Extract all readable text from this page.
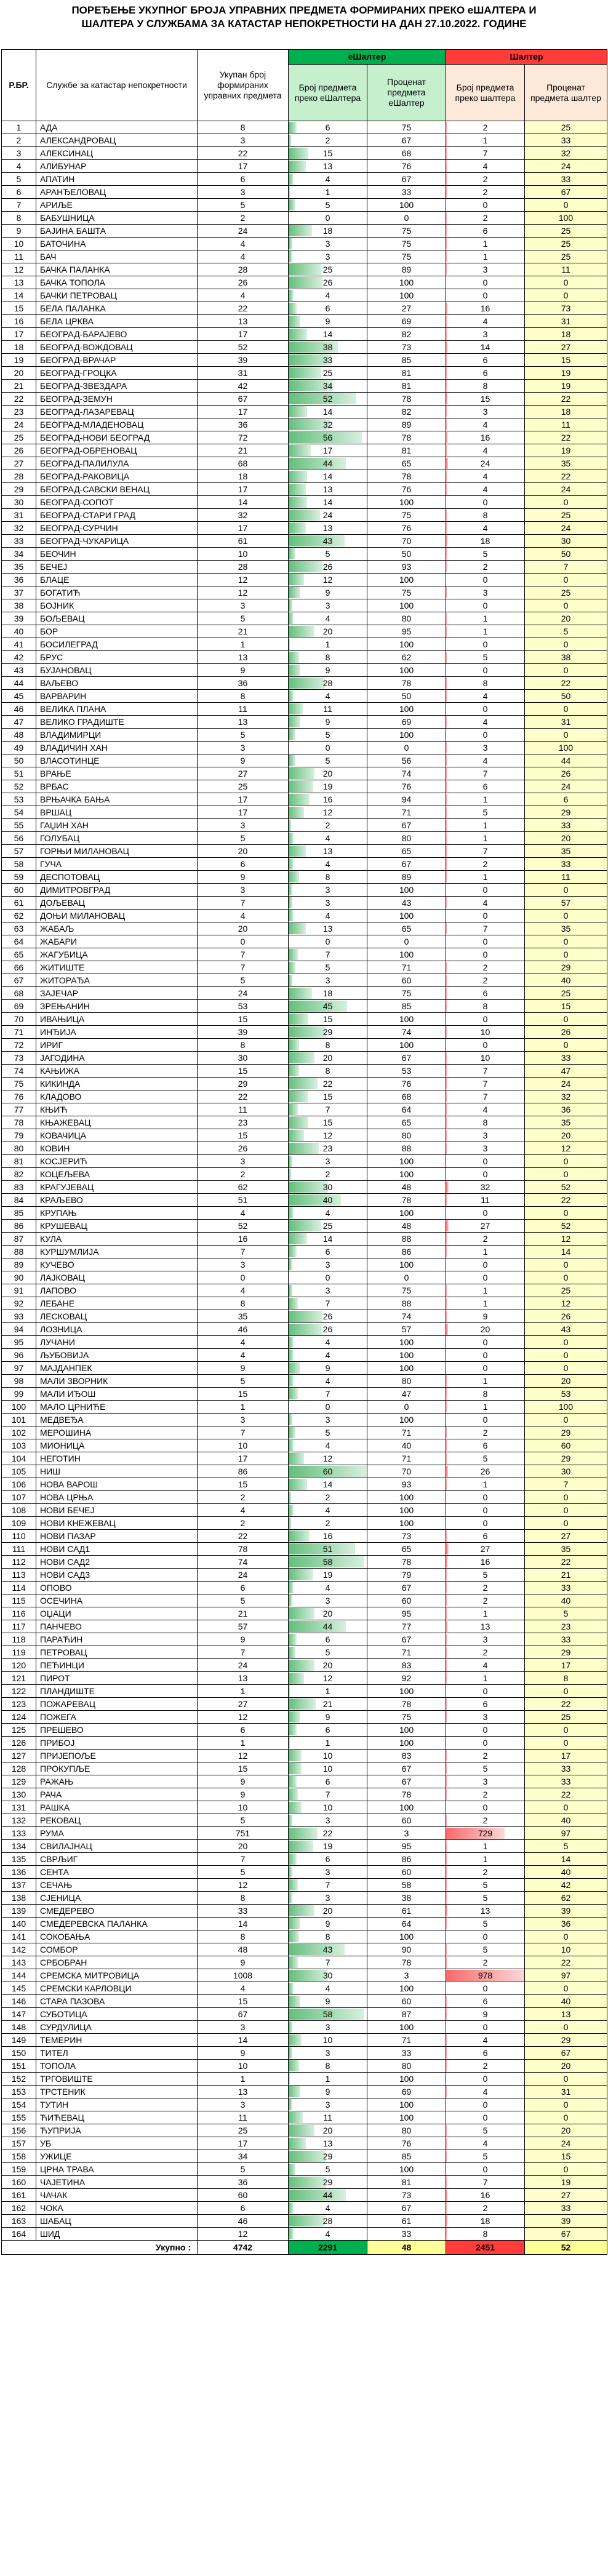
ПОРЕЂЕЊЕ УКУПНОГ БРОЈА УПРАВНИХ ПРЕДМЕТА ФОРМИРАНИХ ПРЕКО еШАЛТЕРА И
ШАЛТЕРА У СЛУЖБАМА ЗА КАТАСТАР НЕПОКРЕТНОСТИ НА ДАН 27.10.2022. ГОДИНЕ
Р.БР.	Службе за катастар непокретности	Укупан број формираних управних предмета	еШалтер		Шалтер	
			Број предмета преко еШалтера	Проценат предмета еШалтер	Број предмета преко шалтера	Проценат предмета шалтер
1	АДА	8	6	75	2	25
2	АЛЕКСАНДРОВАЦ	3	2	67	1	33
3	АЛЕКСИНАЦ	22	15	68	7	32
4	АЛИБУНАР	17	13	76	4	24
5	АПАТИН	6	4	67	2	33
6	АРАНЂЕЛОВАЦ	3	1	33	2	67
7	АРИЉЕ	5	5	100	0	0
8	БАБУШНИЦА	2	0	0	2	100
9	БАЈИНА БАШТА	24	18	75	6	25
10	БАТОЧИНА	4	3	75	1	25
11	БАЧ	4	3	75	1	25
12	БАЧКА ПАЛАНКА	28	25	89	3	11
13	БАЧКА ТОПОЛА	26	26	100	0	0
14	БАЧКИ ПЕТРОВАЦ	4	4	100	0	0
15	БЕЛА ПАЛАНКА	22	6	27	16	73
16	БЕЛА ЦРКВА	13	9	69	4	31
17	БЕОГРАД-БАРАЈЕВО	17	14	82	3	18
18	БЕОГРАД-ВОЖДОВАЦ	52	38	73	14	27
19	БЕОГРАД-ВРАЧАР	39	33	85	6	15
20	БЕОГРАД-ГРОЦКА	31	25	81	6	19
21	БЕОГРАД-ЗВЕЗДАРА	42	34	81	8	19
22	БЕОГРАД-ЗЕМУН	67	52	78	15	22
23	БЕОГРАД-ЛАЗАРЕВАЦ	17	14	82	3	18
24	БЕОГРАД-МЛАДЕНОВАЦ	36	32	89	4	11
25	БЕОГРАД-НОВИ БЕОГРАД	72	56	78	16	22
26	БЕОГРАД-ОБРЕНОВАЦ	21	17	81	4	19
27	БЕОГРАД-ПАЛИЛУЛА	68	44	65	24	35
28	БЕОГРАД-РАКОВИЦА	18	14	78	4	22
29	БЕОГРАД-САВСКИ ВЕНАЦ	17	13	76	4	24
30	БЕОГРАД-СОПОТ	14	14	100	0	0
31	БЕОГРАД-СТАРИ ГРАД	32	24	75	8	25
32	БЕОГРАД-СУРЧИН	17	13	76	4	24
33	БЕОГРАД-ЧУКАРИЦА	61	43	70	18	30
34	БЕОЧИН	10	5	50	5	50
35	БЕЧЕЈ	28	26	93	2	7
36	БЛАЦЕ	12	12	100	0	0
37	БОГАТИЋ	12	9	75	3	25
38	БОЈНИК	3	3	100	0	0
39	БОЉЕВАЦ	5	4	80	1	20
40	БОР	21	20	95	1	5
41	БОСИЛЕГРАД	1	1	100	0	0
42	БРУС	13	8	62	5	38
43	БУЈАНОВАЦ	9	9	100	0	0
44	ВАЉЕВО	36	28	78	8	22
45	ВАРВАРИН	8	4	50	4	50
46	ВЕЛИКА ПЛАНА	11	11	100	0	0
47	ВЕЛИКО ГРАДИШТЕ	13	9	69	4	31
48	ВЛАДИМИРЦИ	5	5	100	0	0
49	ВЛАДИЧИН ХАН	3	0	0	3	100
50	ВЛАСОТИНЦЕ	9	5	56	4	44
51	ВРАЊЕ	27	20	74	7	26
52	ВРБАС	25	19	76	6	24
53	ВРЊАЧКА БАЊА	17	16	94	1	6
54	ВРШАЦ	17	12	71	5	29
55	ГАЏИН ХАН	3	2	67	1	33
56	ГОЛУБАЦ	5	4	80	1	20
57	ГОРЊИ МИЛАНОВАЦ	20	13	65	7	35
58	ГУЧА	6	4	67	2	33
59	ДЕСПОТОВАЦ	9	8	89	1	11
60	ДИМИТРОВГРАД	3	3	100	0	0
61	ДОЉЕВАЦ	7	3	43	4	57
62	ДОЊИ МИЛАНОВАЦ	4	4	100	0	0
63	ЖАБАЉ	20	13	65	7	35
64	ЖАБАРИ	0	0	0	0	0
65	ЖАГУБИЦА	7	7	100	0	0
66	ЖИТИШТЕ	7	5	71	2	29
67	ЖИТОРАЂА	5	3	60	2	40
68	ЗАЈЕЧАР	24	18	75	6	25
69	ЗРЕЊАНИН	53	45	85	8	15
70	ИВАЊИЦА	15	15	100	0	0
71	ИНЂИЈА	39	29	74	10	26
72	ИРИГ	8	8	100	0	0
73	ЈАГОДИНА	30	20	67	10	33
74	КАЊИЖА	15	8	53	7	47
75	КИКИНДА	29	22	76	7	24
76	КЛАДОВО	22	15	68	7	32
77	КЊИЋ	11	7	64	4	36
78	КЊАЖЕВАЦ	23	15	65	8	35
79	КОВАЧИЦА	15	12	80	3	20
80	КОВИН	26	23	88	3	12
81	КОСЈЕРИЋ	3	3	100	0	0
82	КОЦЕЉЕВА	2	2	100	0	0
83	КРАГУЈЕВАЦ	62	30	48	32	52
84	КРАЉЕВО	51	40	78	11	22
85	КРУПАЊ	4	4	100	0	0
86	КРУШЕВАЦ	52	25	48	27	52
87	КУЛА	16	14	88	2	12
88	КУРШУМЛИЈА	7	6	86	1	14
89	КУЧЕВО	3	3	100	0	0
90	ЛАЈКОВАЦ	0	0	0	0	0
91	ЛАПОВО	4	3	75	1	25
92	ЛЕБАНЕ	8	7	88	1	12
93	ЛЕСКОВАЦ	35	26	74	9	26
94	ЛОЗНИЦА	46	26	57	20	43
95	ЛУЧАНИ	4	4	100	0	0
96	ЉУБОВИЈА	4	4	100	0	0
97	МАЈДАНПЕК	9	9	100	0	0
98	МАЛИ ЗВОРНИК	5	4	80	1	20
99	МАЛИ ИЂОШ	15	7	47	8	53
100	МАЛО ЦРНИЋЕ	1	0	0	1	100
101	МЕДВЕЂА	3	3	100	0	0
102	МЕРОШИНА	7	5	71	2	29
103	МИОНИЦА	10	4	40	6	60
104	НЕГОТИН	17	12	71	5	29
105	НИШ	86	60	70	26	30
106	НОВА ВАРОШ	15	14	93	1	7
107	НОВА ЦРЊА	2	2	100	0	0
108	НОВИ БЕЧЕЈ	4	4	100	0	0
109	НОВИ КНЕЖЕВАЦ	2	2	100	0	0
110	НОВИ ПАЗАР	22	16	73	6	27
111	НОВИ САД1	78	51	65	27	35
112	НОВИ САД2	74	58	78	16	22
113	НОВИ САД3	24	19	79	5	21
114	ОПОВО	6	4	67	2	33
115	ОСЕЧИНА	5	3	60	2	40
116	ОЏАЦИ	21	20	95	1	5
117	ПАНЧЕВО	57	44	77	13	23
118	ПАРАЋИН	9	6	67	3	33
119	ПЕТРОВАЦ	7	5	71	2	29
120	ПЕЋИНЦИ	24	20	83	4	17
121	ПИРОТ	13	12	92	1	8
122	ПЛАНДИШТЕ	1	1	100	0	0
123	ПОЖАРЕВАЦ	27	21	78	6	22
124	ПОЖЕГА	12	9	75	3	25
125	ПРЕШЕВО	6	6	100	0	0
126	ПРИБОЈ	1	1	100	0	0
127	ПРИЈЕПОЉЕ	12	10	83	2	17
128	ПРОКУПЉЕ	15	10	67	5	33
129	РАЖАЊ	9	6	67	3	33
130	РАЧА	9	7	78	2	22
131	РАШКА	10	10	100	0	0
132	РЕКОВАЦ	5	3	60	2	40
133	РУМА	751	22	3	729	97
134	СВИЛАЈНАЦ	20	19	95	1	5
135	СВРЉИГ	7	6	86	1	14
136	СЕНТА	5	3	60	2	40
137	СЕЧАЊ	12	7	58	5	42
138	СЈЕНИЦА	8	3	38	5	62
139	СМЕДЕРЕВО	33	20	61	13	39
140	СМЕДЕРЕВСКА ПАЛАНКА	14	9	64	5	36
141	СОКОБАЊА	8	8	100	0	0
142	СОМБОР	48	43	90	5	10
143	СРБОБРАН	9	7	78	2	22
144	СРЕМСКА МИТРОВИЦА	1008	30	3	978	97
145	СРЕМСКИ КАРЛОВЦИ	4	4	100	0	0
146	СТАРА ПАЗОВА	15	9	60	6	40
147	СУБОТИЦА	67	58	87	9	13
148	СУРДУЛИЦА	3	3	100	0	0
149	ТЕМЕРИН	14	10	71	4	29
150	ТИТЕЛ	9	3	33	6	67
151	ТОПОЛА	10	8	80	2	20
152	ТРГОВИШТЕ	1	1	100	0	0
153	ТРСТЕНИК	13	9	69	4	31
154	ТУТИН	3	3	100	0	0
155	ЋИЋЕВАЦ	11	11	100	0	0
156	ЋУПРИЈА	25	20	80	5	20
157	УБ	17	13	76	4	24
158	УЖИЦЕ	34	29	85	5	15
159	ЦРНА ТРАВА	5	5	100	0	0
160	ЧАЈЕТИНА	36	29	81	7	19
161	ЧАЧАК	60	44	73	16	27
162	ЧОКА	6	4	67	2	33
163	ШАБАЦ	46	28	61	18	39
164	ШИД	12	4	33	8	67
Укупно :		4742	2291	48	2451	52
